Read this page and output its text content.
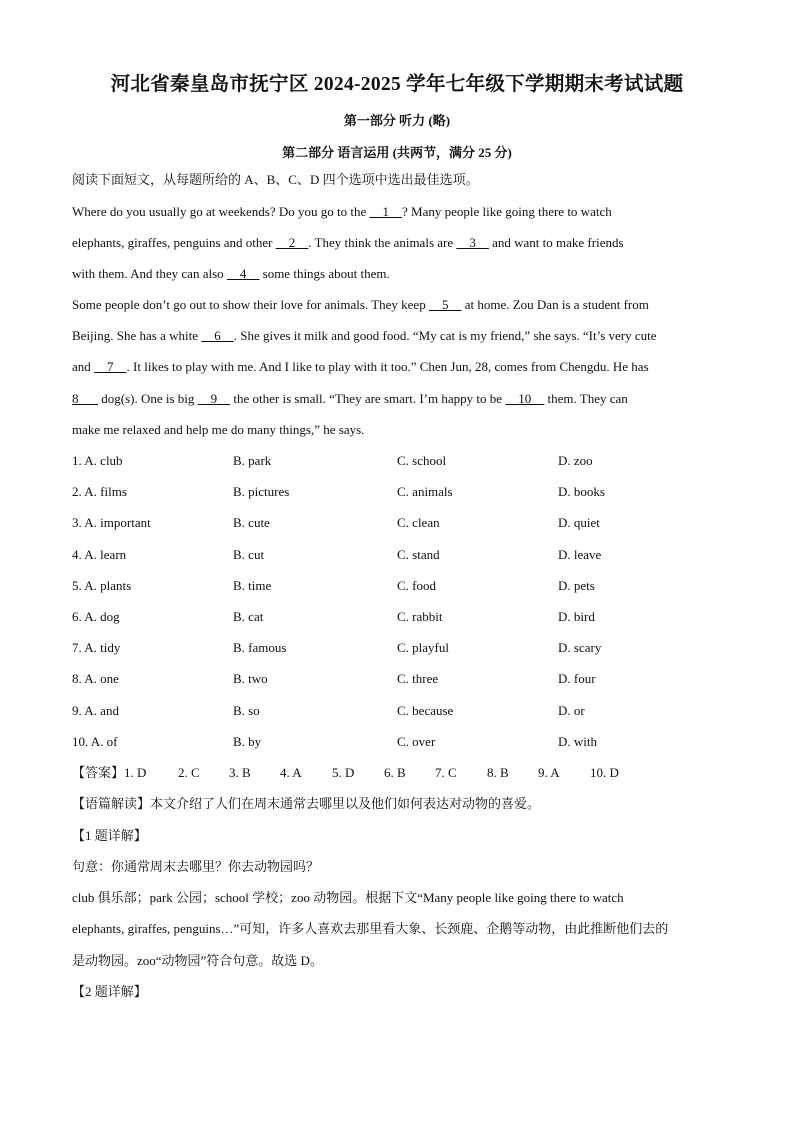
河北省秦皇岛市抚宁区 2024-2025 学年七年级下学期期末考试试题
第一部分 听力 (略)
第二部分 语言运用 (共两节，满分 25 分)
阅读下面短文，从每题所给的 A、B、C、D 四个选项中选出最佳选项。
Where do you usually go at weekends? Do you go to the     1    ? Many people like going there to watch
elephants, giraffes, penguins and other     2    . They think the animals are     3     and want to make friends
with them. And they can also     4     some things about them.
Some people don’t go out to show their love for animals. They keep     5     at home. Zou Dan is a student from
Beijing. She has a white     6    . She gives it milk and good food. “My cat is my friend,” she says. “It’s very cute
and     7    . It likes to play with me. And I like to play with it too.” Chen Jun, 28, comes from Chengdu. He has
8       dog(s). One is big     9     the other is small. “They are smart. I’m happy to be     10     them. They can
make me relaxed and help me do many things,” he says.
1. A. club	B. park	C. school	D. zoo
2. A. films	B. pictures	C. animals	D. books
3. A. important	B. cute	C. clean	D. quiet
4. A. learn	B. cut	C. stand	D. leave
5. A. plants	B. time	C. food	D. pets
6. A. dog	B. cat	C. rabbit	D. bird
7. A. tidy	B. famous	C. playful	D. scary
8. A. one	B. two	C. three	D. four
9. A. and	B. so	C. because	D. or
10. A. of	B. by	C. over	D. with
【答案】1. D 2. C 3. B 4. A 5. D 6. B 7. C 8. B 9. A 10. D
【语篇解读】本文介绍了人们在周末通常去哪里以及他们如何表达对动物的喜爱。
【1 题详解】
句意：你通常周末去哪里？你去动物园吗？
club 俱乐部；park 公园；school 学校；zoo 动物园。根据下文“Many people like going there to watch
elephants, giraffes, penguins…”可知，许多人喜欢去那里看大象、长颈鹿、企鹅等动物，由此推断他们去的
是动物园。zoo“动物园”符合句意。故选 D。
【2 题详解】
